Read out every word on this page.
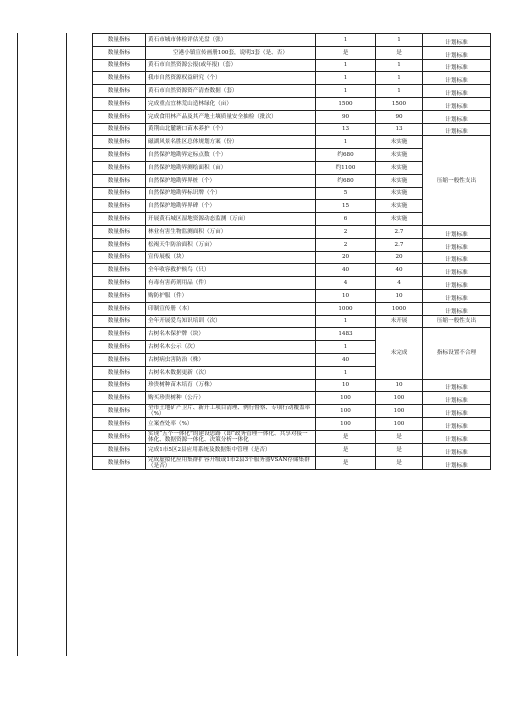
数量指标	黄石市城市体检评估光盘（张）	1	1	计划标准
数量指标	空港小镇宣传画册100套，说明3套（是、否）	是	是	计划标准
数量指标	黄石市自然资源公报(或年报)（套）	1	1	计划标准
数量指标	我市自然资源权益研究（个）	1	1	计划标准
数量指标	黄石市自然资源资产清查数据（套）	1	1	计划标准
数量指标	完成重点宜林荒山造林绿化（亩）	1500	1500	计划标准
数量指标	完成食用林产品及其产地土壤质量安全抽检（批次）	90	90	计划标准
数量指标	黄荆山北麓塘口苗木养护（个）	13	13	计划标准
数量指标	磁湖风景名胜区总体规划方案（份）	1	未实施	压缩一般性支出
数量指标	自然保护地勘界定标点数（个）	约680	未实施	
数量指标	自然保护地勘界测绘面积（亩）	约1100	未实施	
数量指标	自然保护地勘界界桩（个）	约680	未实施	
数量指标	自然保护地勘界标识牌（个）	5	未实施	
数量指标	自然保护地勘界界碑（个）	15	未实施	
数量指标	开展黄石城区湿地资源动态监测（万亩）	6	未实施	
数量指标	林业有害生物监测面积（万亩）	2	2.7	计划标准
数量指标	松褐天牛防治面积（万亩）	2	2.7	计划标准
数量指标	宣传展板（块）	20	20	计划标准
数量指标	全年收容救护候鸟（只）	40	40	计划标准
数量指标	有毒有害药剂用品（件）	4	4	计划标准
数量指标	购防护服（件）	10	10	计划标准
数量指标	印制宣传册（本）	1000	1000	计划标准
数量指标	全年开展爱鸟知识培训（次）	1	未开展	压缩一般性支出
数量指标	古树名木保护牌（块）	1483	未完成	指标设置不合理
数量指标	古树名木公示（次）	1		
数量指标	古树病虫害防治（株）	40		
数量指标	古树名木数据更新（次）	1		
数量指标	珍贵树种苗木培育（万株）	10	10	计划标准
数量指标	购买珍贵树种（公斤）	100	100	计划标准
数量指标	全市土地矿产卫片、新开工项目清理、例行督察、专项行动覆盖率（%）	100	100	计划标准
数量指标	立案查处率（%）	100	100	计划标准
数量指标	实现“五个一体化”的建设思路（即“政务管理一体化、共享对接一体化、数据资源一体化、决策分析一体化	是	是	计划标准
数量指标	完成1市5区2县应用系统及数据集中管理（是否）	是	是	计划标准
数量指标	完成虚拟化应用集群扩容升级或1市2县3个服务器VSAN存储集群（是否）	是	是	计划标准
